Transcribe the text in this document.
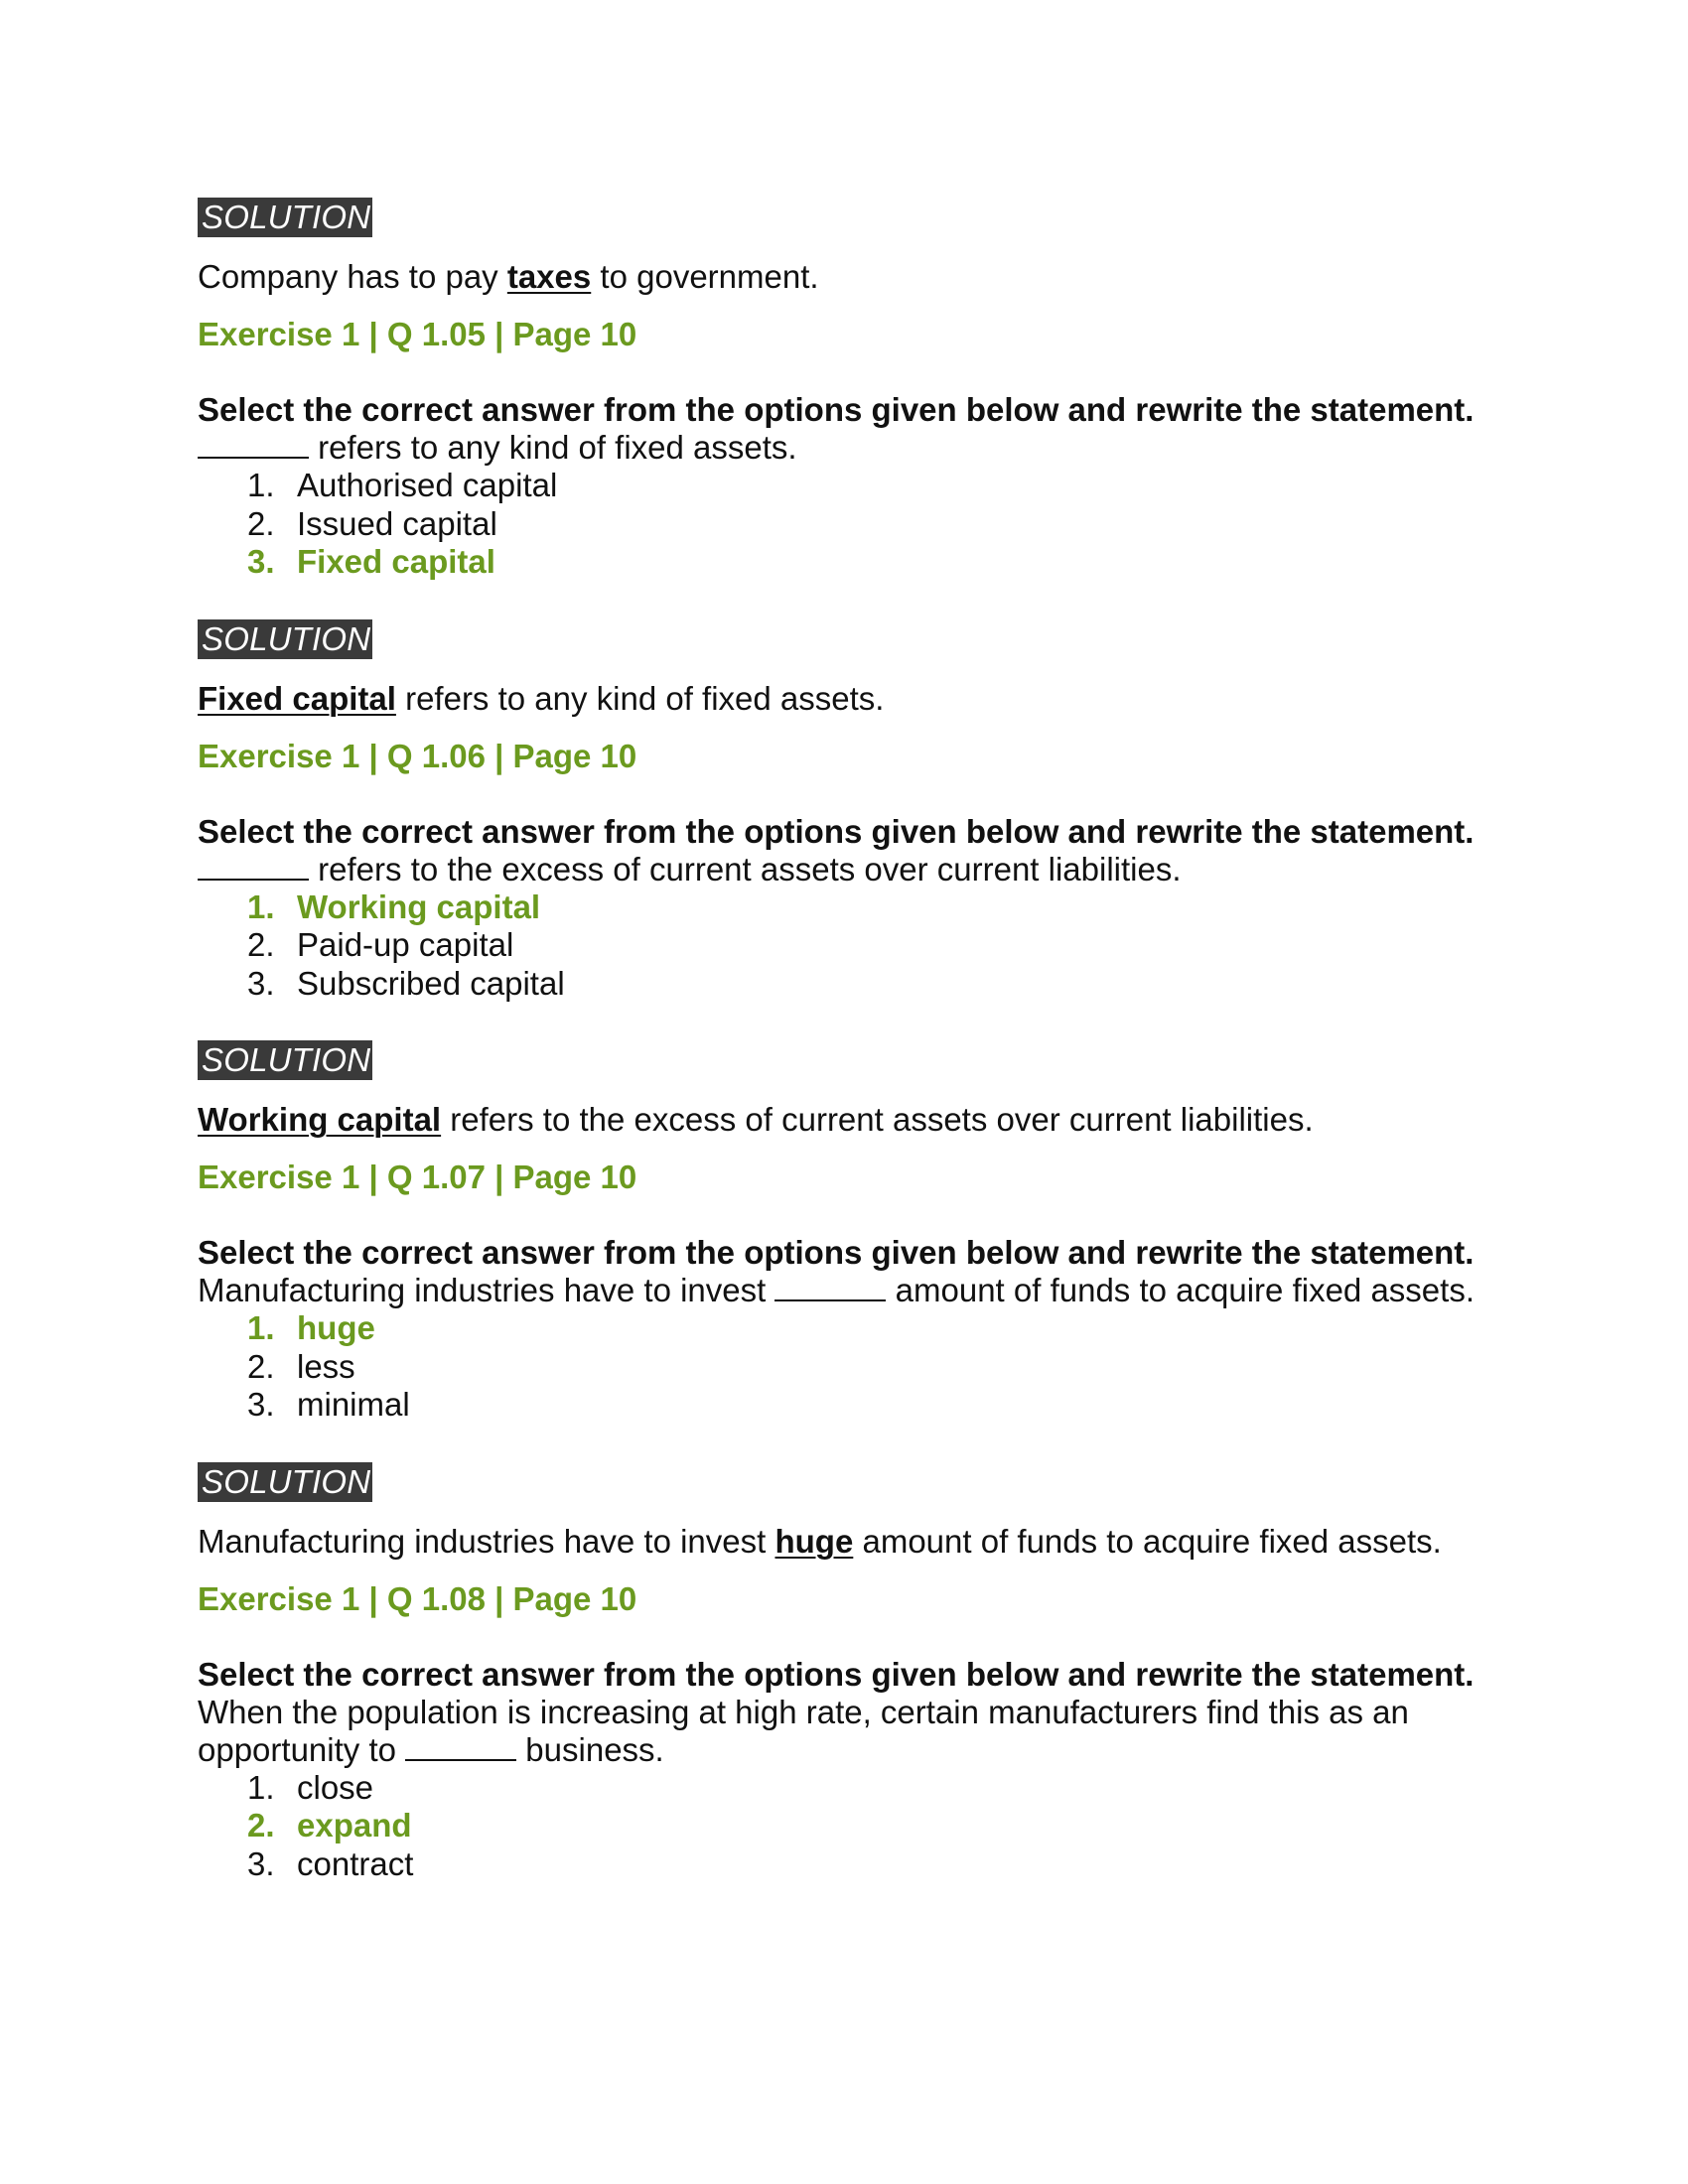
SOLUTION
Company has to pay taxes to government.
Exercise 1 | Q 1.05 | Page 10
Select the correct answer from the options given below and rewrite the statement.
refers to any kind of fixed assets.
1. Authorised capital
2. Issued capital
3. Fixed capital
SOLUTION
Fixed capital refers to any kind of fixed assets.
Exercise 1 | Q 1.06 | Page 10
Select the correct answer from the options given below and rewrite the statement.
refers to the excess of current assets over current liabilities.
1. Working capital
2. Paid-up capital
3. Subscribed capital
SOLUTION
Working capital refers to the excess of current assets over current liabilities.
Exercise 1 | Q 1.07 | Page 10
Select the correct answer from the options given below and rewrite the statement.
Manufacturing industries have to invest	amount of funds to acquire fixed assets.
1. huge
2. less
3. minimal
SOLUTION
Manufacturing industries have to invest huge amount of funds to acquire fixed assets.
Exercise 1 | Q 1.08 | Page 10
Select the correct answer from the options given below and rewrite the statement.
When the population is increasing at high rate, certain manufacturers find this as an opportunity to	business.
1. close
2. expand
3. contract
